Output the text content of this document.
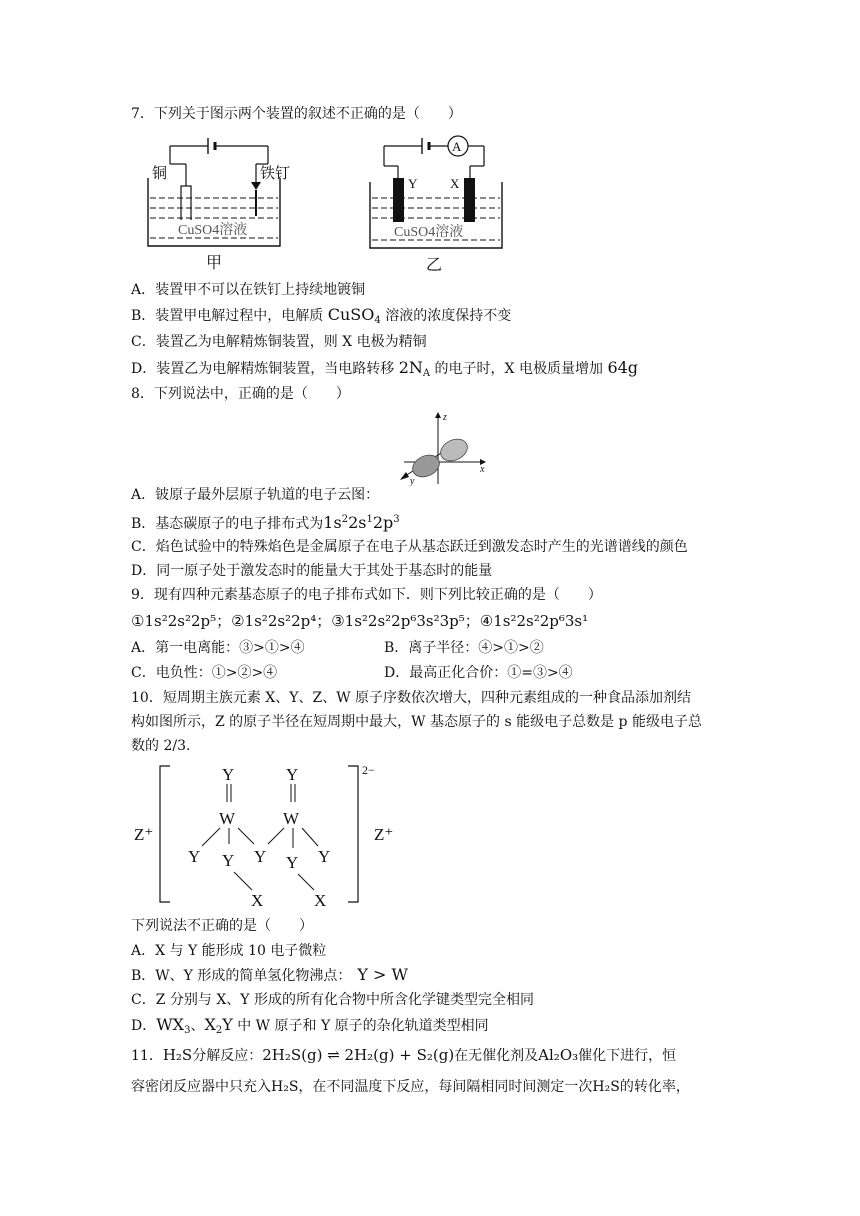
7．下列关于图示两个装置的叙述不正确的是（　　）
铜	铁钉
CuSO4溶液
甲
A
Y	X
CuSO4溶液
乙
A．装置甲不可以在铁钉上持续地镀铜
B．装置甲电解过程中，电解质 CuSO$_4$ 溶液的浓度保持不变
C．装置乙为电解精炼铜装置，则 X 电极为精铜
D．装置乙为电解精炼铜装置，当电路转移 $2N_A$ 的电子时，X 电极质量增加 64g
8．下列说法中，正确的是（　　）
z
x
y
A．铍原子最外层原子轨道的电子云图：
B．基态碳原子的电子排布式为$1s^22s^12p^3$
C．焰色试验中的特殊焰色是金属原子在电子从基态跃迁到激发态时产生的光谱谱线的颜色
D．同一原子处于激发态时的能量大于其处于基态时的能量
9．现有四种元素基态原子的电子排布式如下．则下列比较正确的是（　　）
①1s²2s²2p⁵；②1s²2s²2p⁴；③1s²2s²2p⁶3s²3p⁵；④1s²2s²2p⁶3s¹
A．第一电离能：③>①>④	B．离子半径：④>①>②
C．电负性：①>②>④	D．最高正化合价：①=③>④
10．短周期主族元素 X、Y、Z、W 原子序数依次增大，四种元素组成的一种食品添加剂结
构如图所示，Z 的原子半径在短周期中最大，W 基态原子的 s 能级电子总数是 p 能级电子总
数的 2/3.
2−
Z⁺	Z⁺
Y	Y
W	W
Y Y Y Y Y
X	X
下列说法不正确的是（　　）
A．X 与 Y 能形成 10 电子微粒
B．W、Y 形成的简单氢化物沸点： Y > W
C．Z 分别与 X、Y 形成的所有化合物中所含化学键类型完全相同
D．$WX_3$、$X_2Y$ 中 W 原子和 Y 原子的杂化轨道类型相同
11．H₂S分解反应：2H₂S(g) ⇌ 2H₂(g) + S₂(g)在无催化剂及Al₂O₃催化下进行，恒
容密闭反应器中只充入H₂S，在不同温度下反应，每间隔相同时间测定一次H₂S的转化率，
